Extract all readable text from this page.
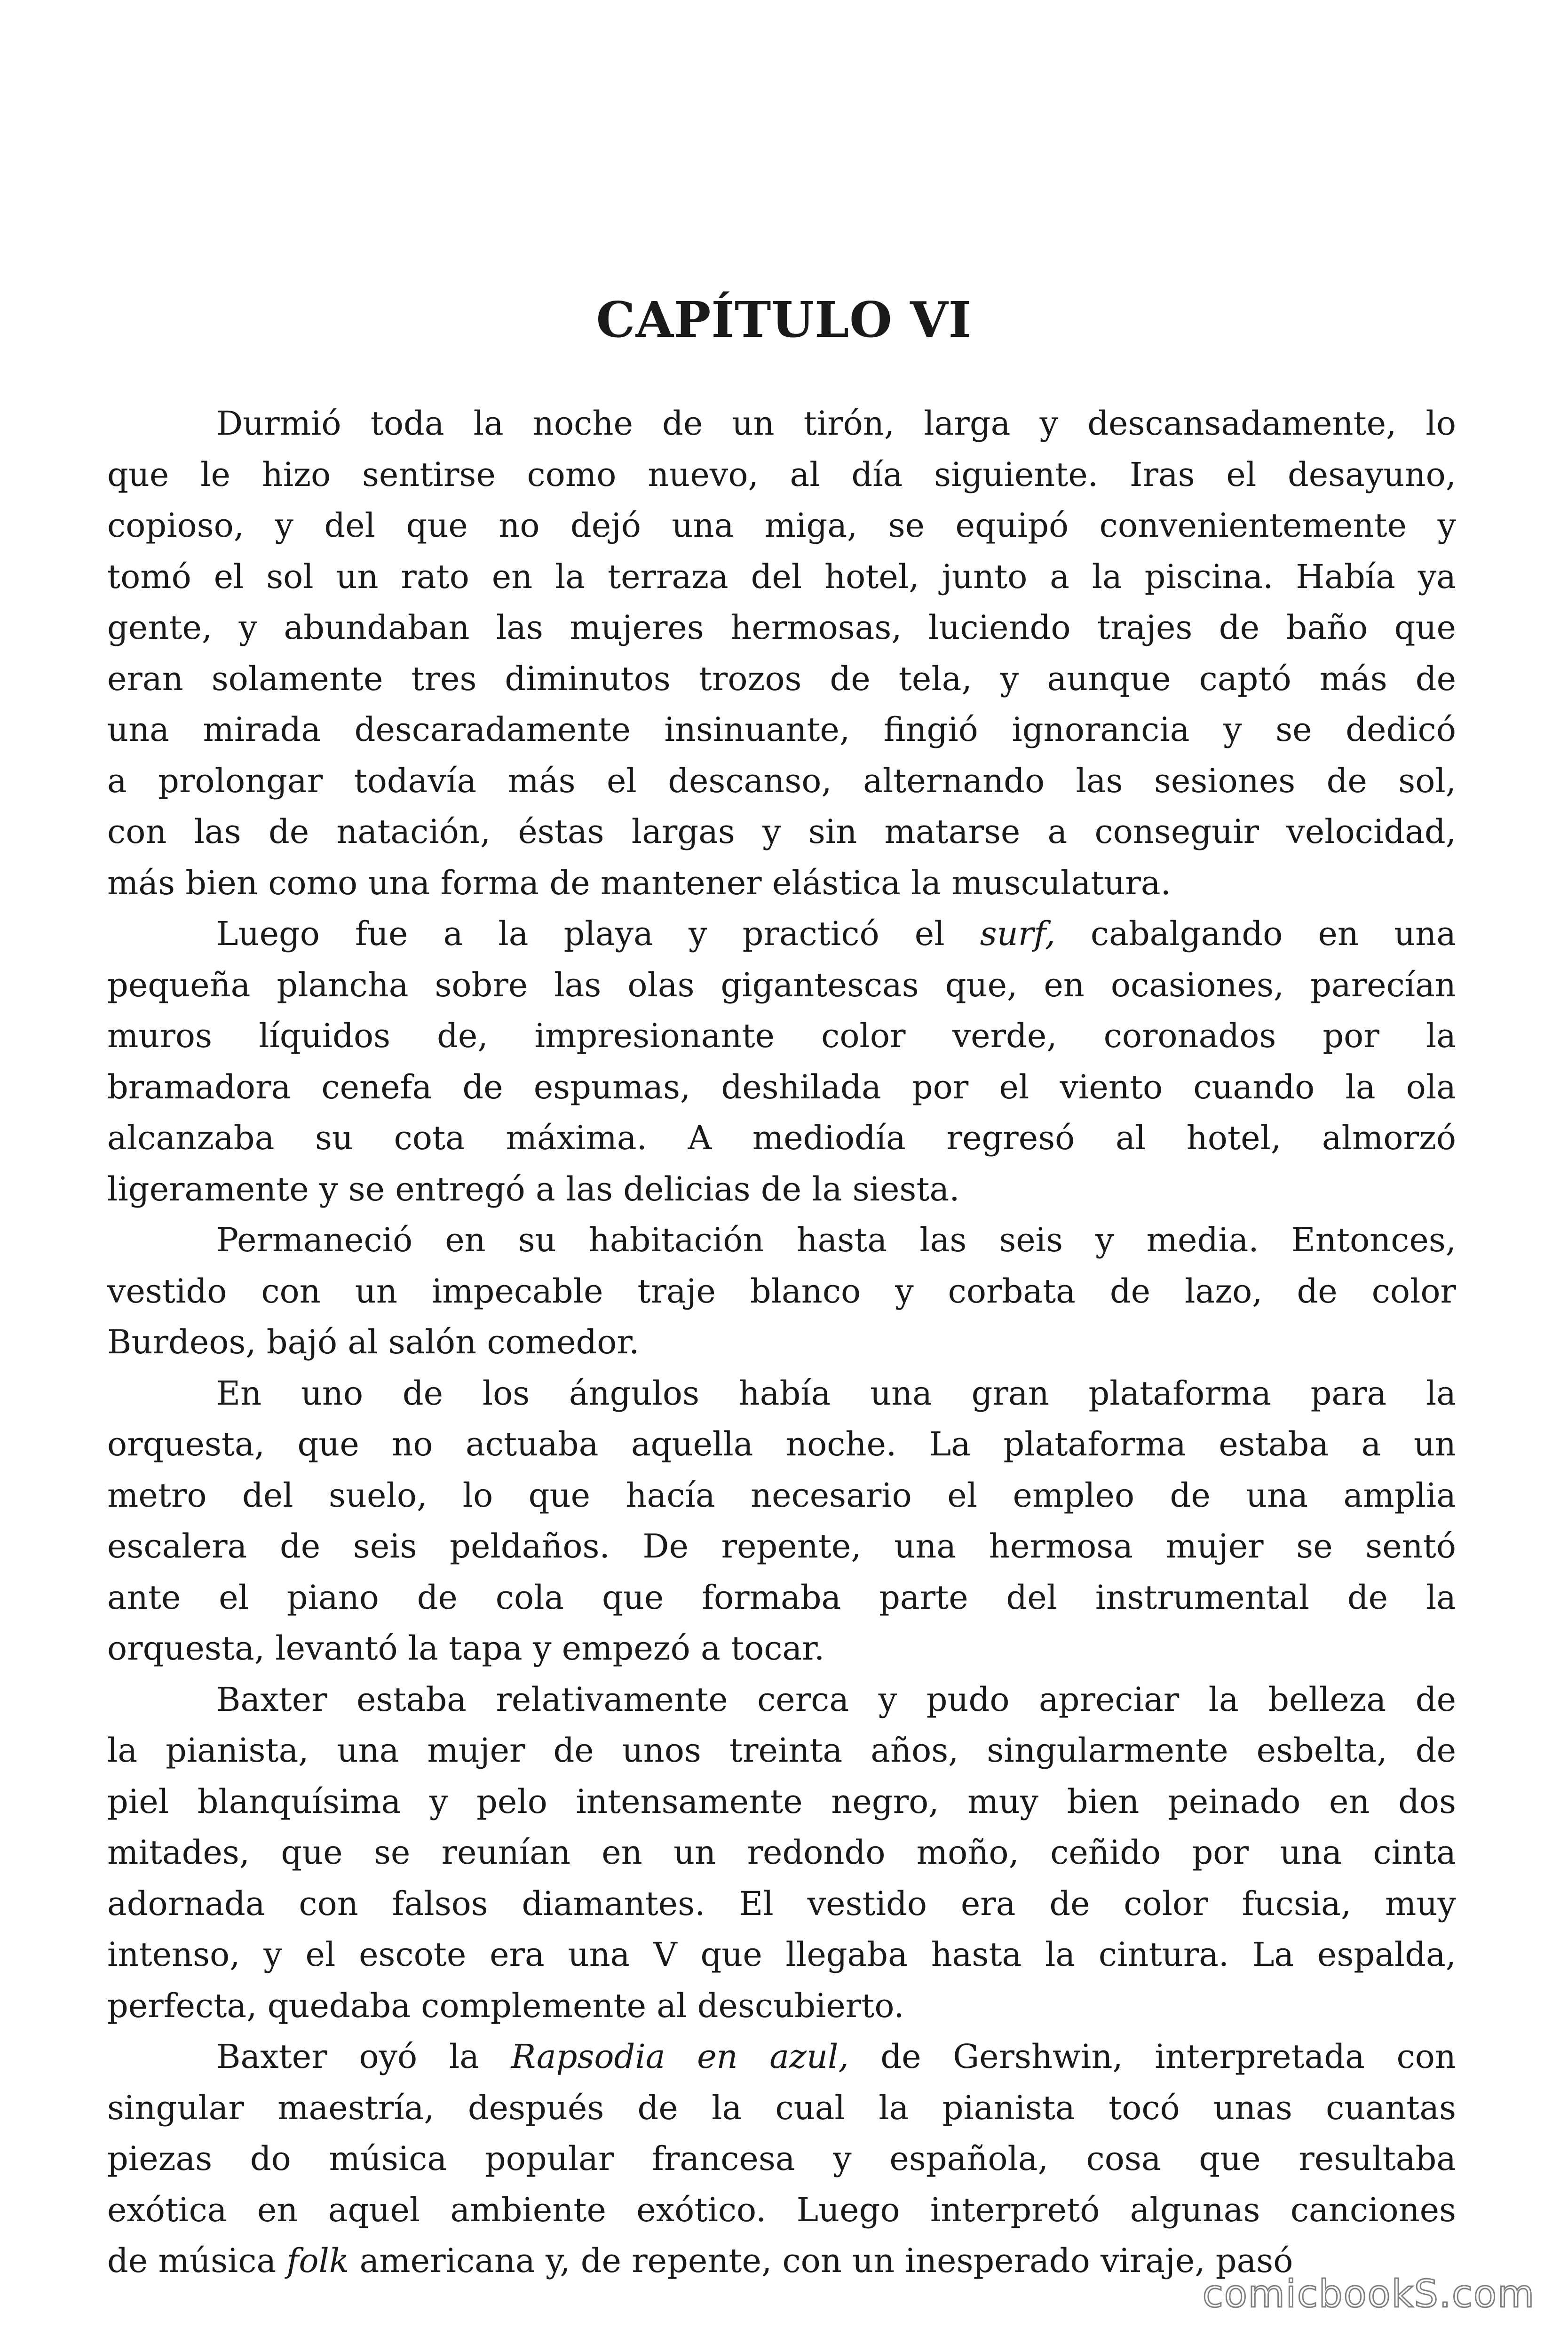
CAPÍTULO VI
Durmió toda la noche de un tirón, larga y descansadamente, lo
que le hizo sentirse como nuevo, al día siguiente. Iras el desayuno,
copioso, y del que no dejó una miga, se equipó convenientemente y
tomó el sol un rato en la terraza del hotel, junto a la piscina. Había ya
gente, y abundaban las mujeres hermosas, luciendo trajes de baño que
eran solamente tres diminutos trozos de tela, y aunque captó más de
una mirada descaradamente insinuante, fingió ignorancia y se dedicó
a prolongar todavía más el descanso, alternando las sesiones de sol,
con las de natación, éstas largas y sin matarse a conseguir velocidad,
más bien como una forma de mantener elástica la musculatura.
Luego fue a la playa y practicó el surf, cabalgando en una
pequeña plancha sobre las olas gigantescas que, en ocasiones, parecían
muros líquidos de, impresionante color verde, coronados por la
bramadora cenefa de espumas, deshilada por el viento cuando la ola
alcanzaba su cota máxima. A mediodía regresó al hotel, almorzó
ligeramente y se entregó a las delicias de la siesta.
Permaneció en su habitación hasta las seis y media. Entonces,
vestido con un impecable traje blanco y corbata de lazo, de color
Burdeos, bajó al salón comedor.
En uno de los ángulos había una gran plataforma para la
orquesta, que no actuaba aquella noche. La plataforma estaba a un
metro del suelo, lo que hacía necesario el empleo de una amplia
escalera de seis peldaños. De repente, una hermosa mujer se sentó
ante el piano de cola que formaba parte del instrumental de la
orquesta, levantó la tapa y empezó a tocar.
Baxter estaba relativamente cerca y pudo apreciar la belleza de
la pianista, una mujer de unos treinta años, singularmente esbelta, de
piel blanquísima y pelo intensamente negro, muy bien peinado en dos
mitades, que se reunían en un redondo moño, ceñido por una cinta
adornada con falsos diamantes. El vestido era de color fucsia, muy
intenso, y el escote era una V que llegaba hasta la cintura. La espalda,
perfecta, quedaba complemente al descubierto.
Baxter oyó la Rapsodia en azul, de Gershwin, interpretada con
singular maestría, después de la cual la pianista tocó unas cuantas
piezas do música popular francesa y española, cosa que resultaba
exótica en aquel ambiente exótico. Luego interpretó algunas canciones
de música folk americana y, de repente, con un inesperado viraje, pasó
comicbookS.com
